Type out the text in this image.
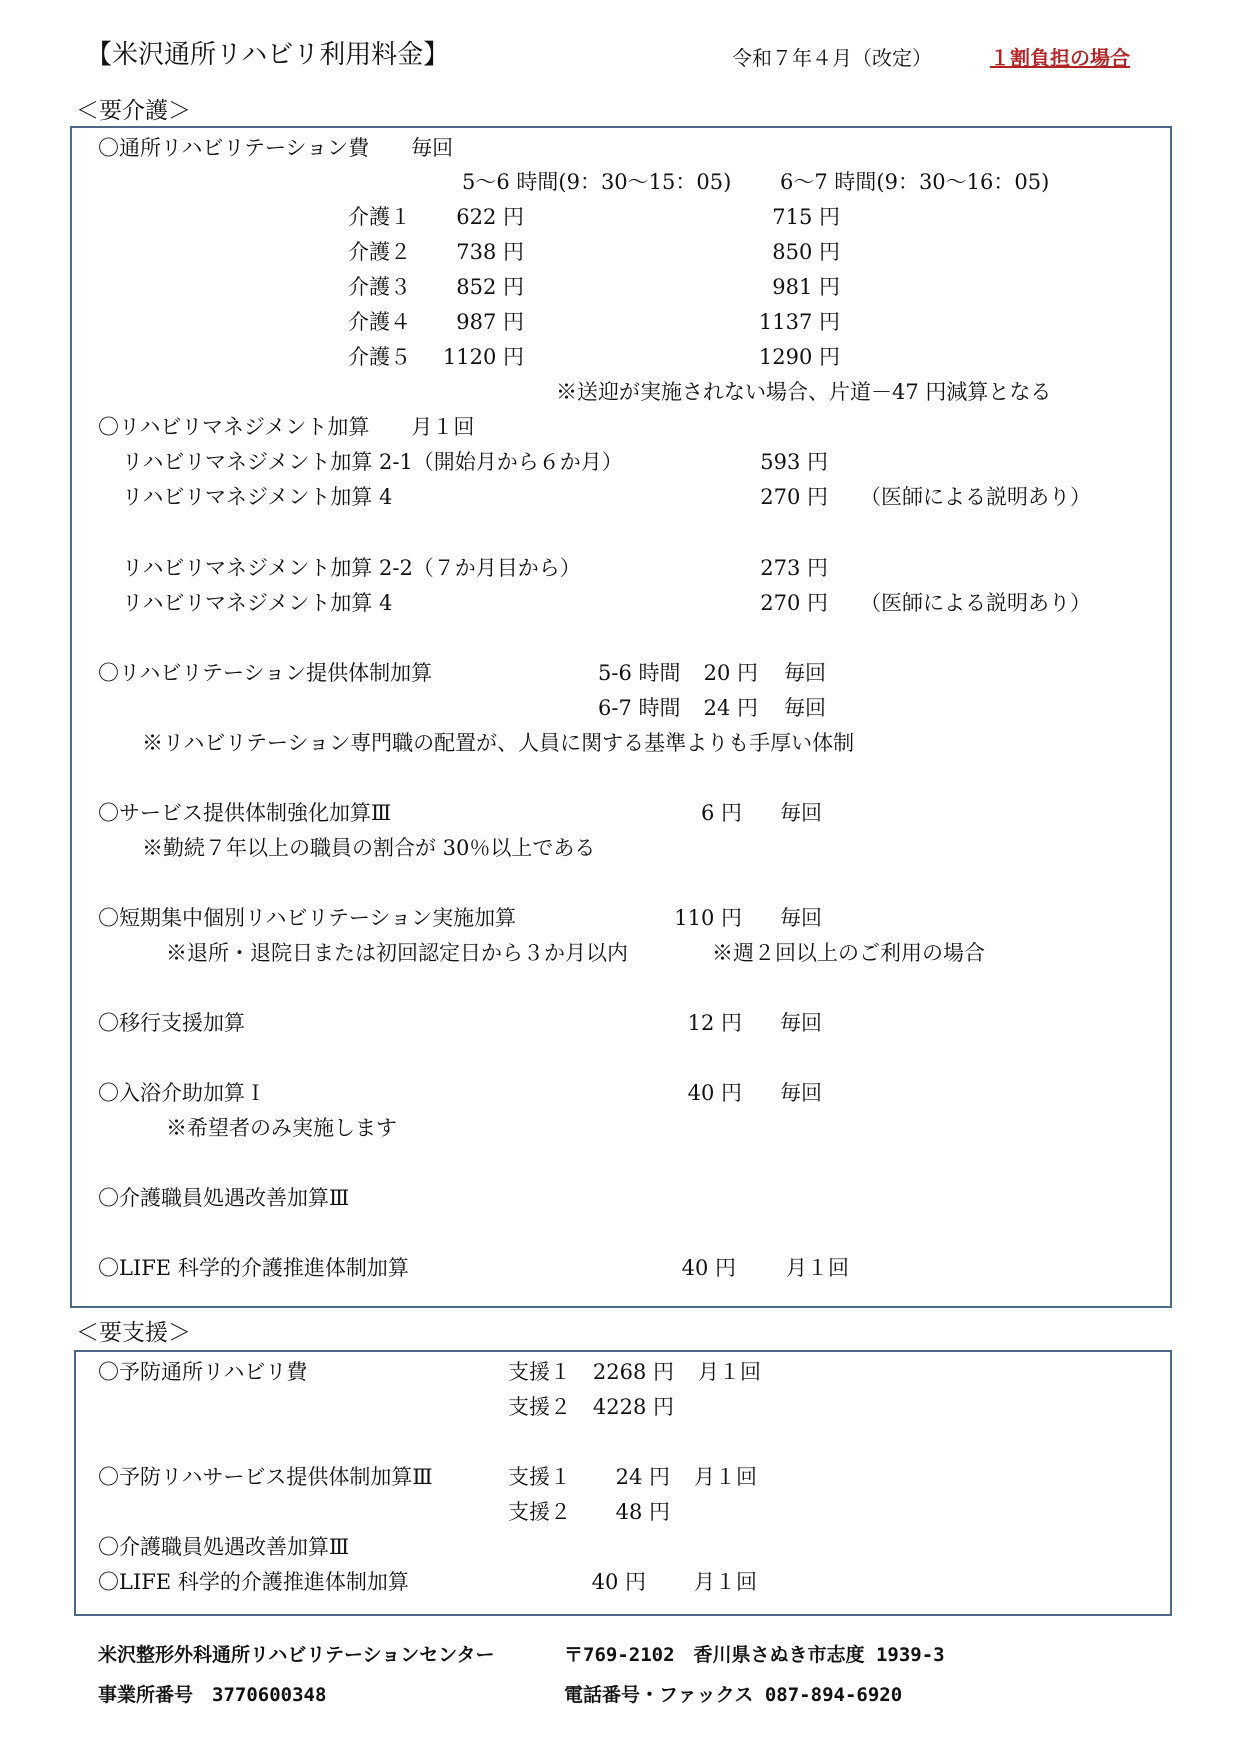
【米沢通所リハビリ利用料金】	令和７年４月（改定）	１割負担の場合
＜要介護＞
〇通所リハビリテーション費　　毎回
5～6 時間(9：30～15：05) 6～7 時間(9：30～16：05)
介護１	622 円	715 円
介護２	738 円	850 円
介護３	852 円	981 円
介護４	987 円	1137 円
介護５ 1120 円	1290 円
※送迎が実施されない場合、片道－47 円減算となる
〇リハビリマネジメント加算　　月１回
リハビリマネジメント加算 2-1（開始月から６か月）	593 円
リハビリマネジメント加算 4	270 円 （医師による説明あり）
リハビリマネジメント加算 2-2（７か月目から）	273 円
リハビリマネジメント加算 4	270 円 （医師による説明あり）
〇リハビリテーション提供体制加算	5-6 時間	20 円 毎回
6-7 時間	24 円 毎回
※リハビリテーション専門職の配置が、人員に関する基準よりも手厚い体制
〇サービス提供体制強化加算Ⅲ	6 円 毎回
※勤続７年以上の職員の割合が 30％以上である
〇短期集中個別リハビリテーション実施加算	110 円 毎回
※退所・退院日または初回認定日から３か月以内	※週２回以上のご利用の場合
〇移行支援加算	12 円 毎回
〇入浴介助加算Ｉ	40 円 毎回
※希望者のみ実施します
〇介護職員処遇改善加算Ⅲ
〇LIFE 科学的介護推進体制加算	40 円 月１回
＜要支援＞
〇予防通所リハビリ費	支援１	2268 円 月１回
支援２	4228 円
〇予防リハサービス提供体制加算Ⅲ	支援１	24 円 月１回
支援２	48 円
〇介護職員処遇改善加算Ⅲ
〇LIFE 科学的介護推進体制加算	40 円 月１回
米沢整形外科通所リハビリテーションセンター	〒769-2102　香川県さぬき市志度 1939-3
事業所番号　3770600348	電話番号・ファックス 087-894-6920
